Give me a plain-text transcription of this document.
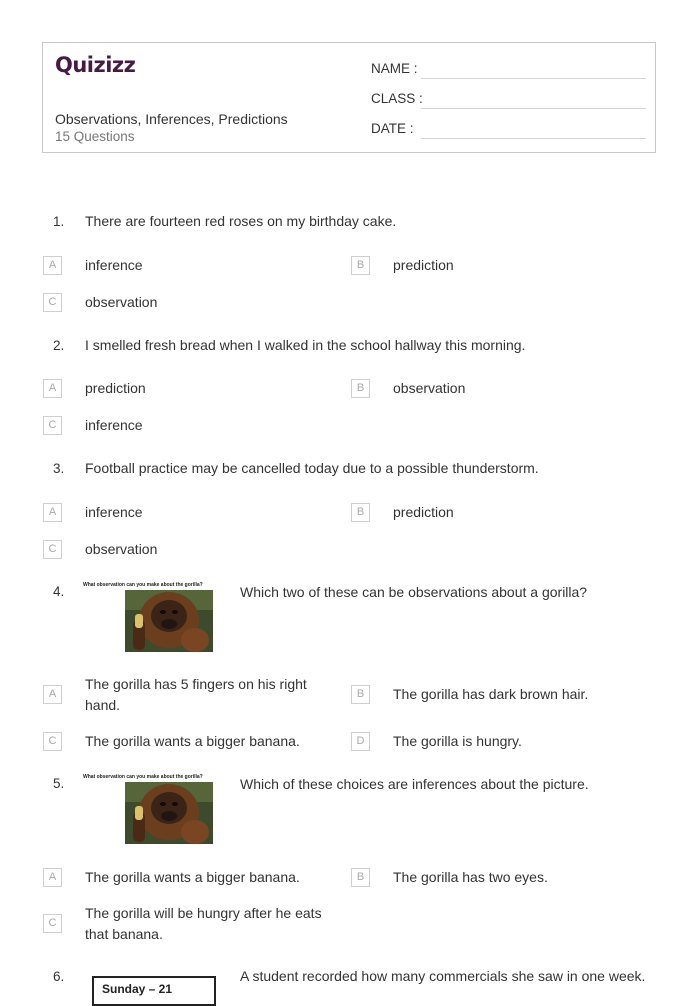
Quizizz
Observations, Inferences, Predictions
15 Questions
NAME :
CLASS :
DATE :
1. There are fourteen red roses on my birthday cake.
A	inference	B	prediction
C	observation
2. I smelled fresh bread when I walked in the school hallway this morning.
A	prediction	B	observation
C	inference
3. Football practice may be cancelled today due to a possible thunderstorm.
A	inference	B	prediction
C	observation
4.	What observation can you make about the gorilla?	Which two of these can be observations about a gorilla?
A
The gorilla has 5 fingers on his right hand.
B	The gorilla has dark brown hair.
C	The gorilla wants a bigger banana.	D	The gorilla is hungry.
5.	What observation can you make about the gorilla?	Which of these choices are inferences about the picture.
A	The gorilla wants a bigger banana.	B	The gorilla has two eyes.
C
The gorilla will be hungry after he eats that banana.
6.
Sunday – 21
A student recorded how many commercials she saw in one week.
